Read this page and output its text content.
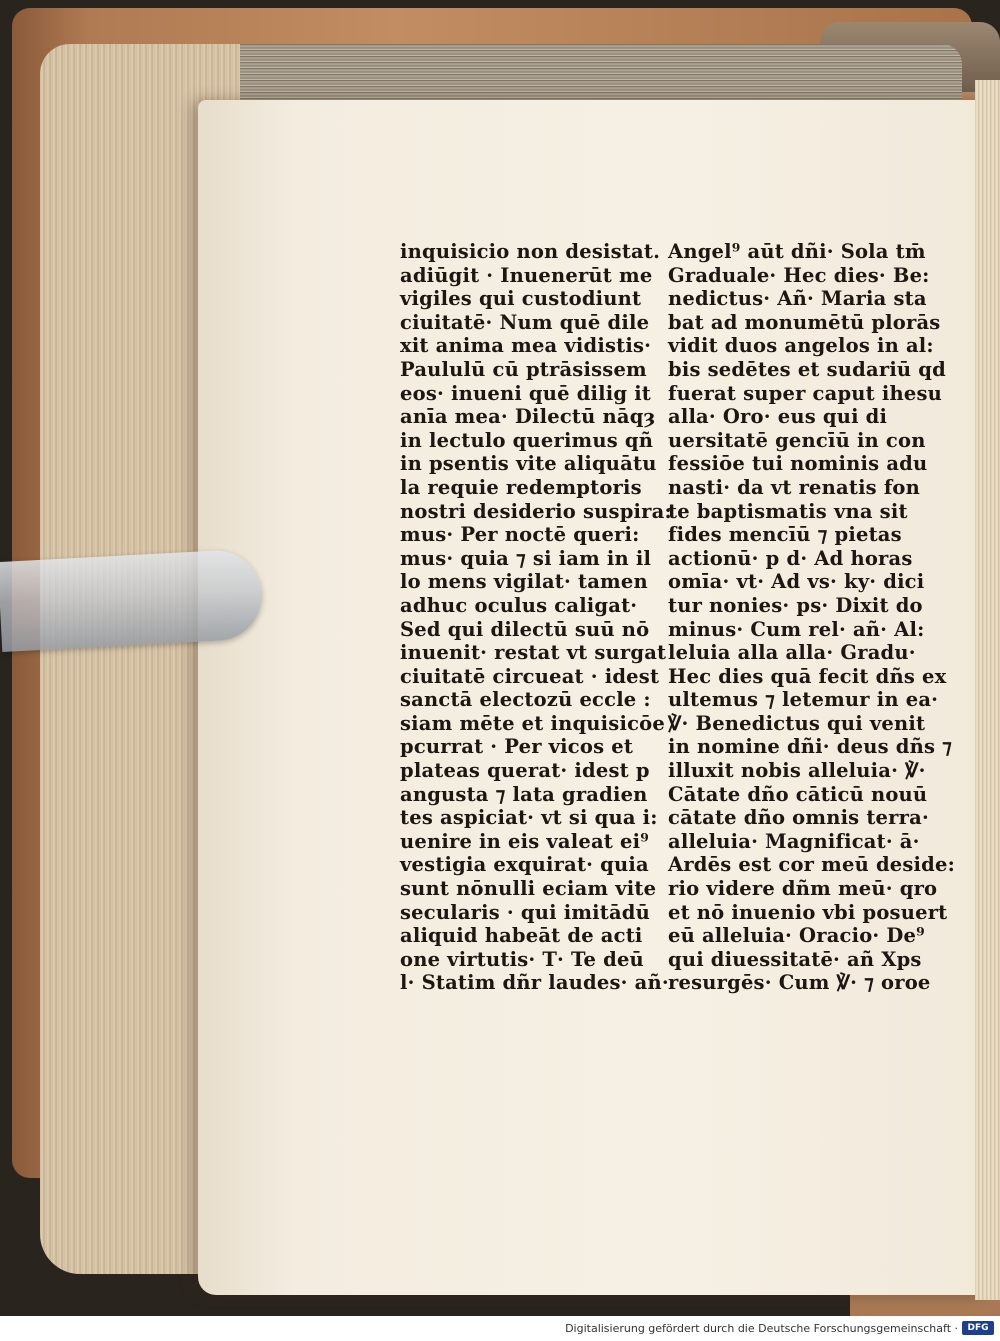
inquisicio non desistat.
adiūgit · Inuenerūt me
vigiles qui custodiunt
ciuitatē· Num quē dile
xit anima mea vidistis·
Paululū cū ptrāsissem
eos· inueni quē dilig it
anīa mea· Dilectū nāqȝ
in lectulo querimus qñ
in psentis vite aliquātu
la requie redemptoris
nostri desiderio suspira:
mus· Per noctē queri:
mus· quia ⁊ si iam in il
lo mens vigilat· tamen
adhuc oculus caligat·
Sed qui dilectū suū nō
inuenit· restat vt surgat
ciuitatē circueat · idest
sanctā electozū eccle :
siam mēte et inquisicōe
pcurrat · Per vicos et
plateas querat· idest p
angusta ⁊ lata gradien
tes aspiciat· vt si qua i:
uenire in eis valeat ei⁹
vestigia exquirat· quia
sunt nōnulli eciam vite
secularis · qui imitādū
aliquid habeāt de acti
one virtutis· T· Te deū
l· Statim dñr laudes· añ·
Angel⁹ aūt dñi· Sola tm̄
Graduale· Hec dies· Be:
nedictus· Añ· Maria sta
bat ad monumētū plorās
vidit duos angelos in al:
bis sedētes et sudariū qd
fuerat super caput ihesu
alla· Oro· eus qui di
uersitatē gencīū in con
fessiōe tui nominis adu
nasti· da vt renatis fon
te baptismatis vna sit
fides mencīū ⁊ pietas
actionū· p d· Ad horas
omīa· vt· Ad vs· ky· dici
tur nonies· ps· Dixit do
minus· Cum rel· añ· Al:
leluia alla alla· Gradu·
Hec dies quā fecit dñs ex
ultemus ⁊ letemur in ea·
℣· Benedictus qui venit
in nomine dñi· deus dñs ⁊
illuxit nobis alleluia· ℣·
Cātate dño cāticū nouū
cātate dño omnis terra·
alleluia· Magnificat· ā·
Ardēs est cor meū deside:
rio videre dñm meū· qro
et nō inuenio vbi posuert
eū alleluia· Oracio· De⁹
qui diuessitatē· añ Xps
resurgēs· Cum ℣· ⁊ oroe
Digitalisierung gefördert durch die Deutsche Forschungsgemeinschaft ·	DFG
